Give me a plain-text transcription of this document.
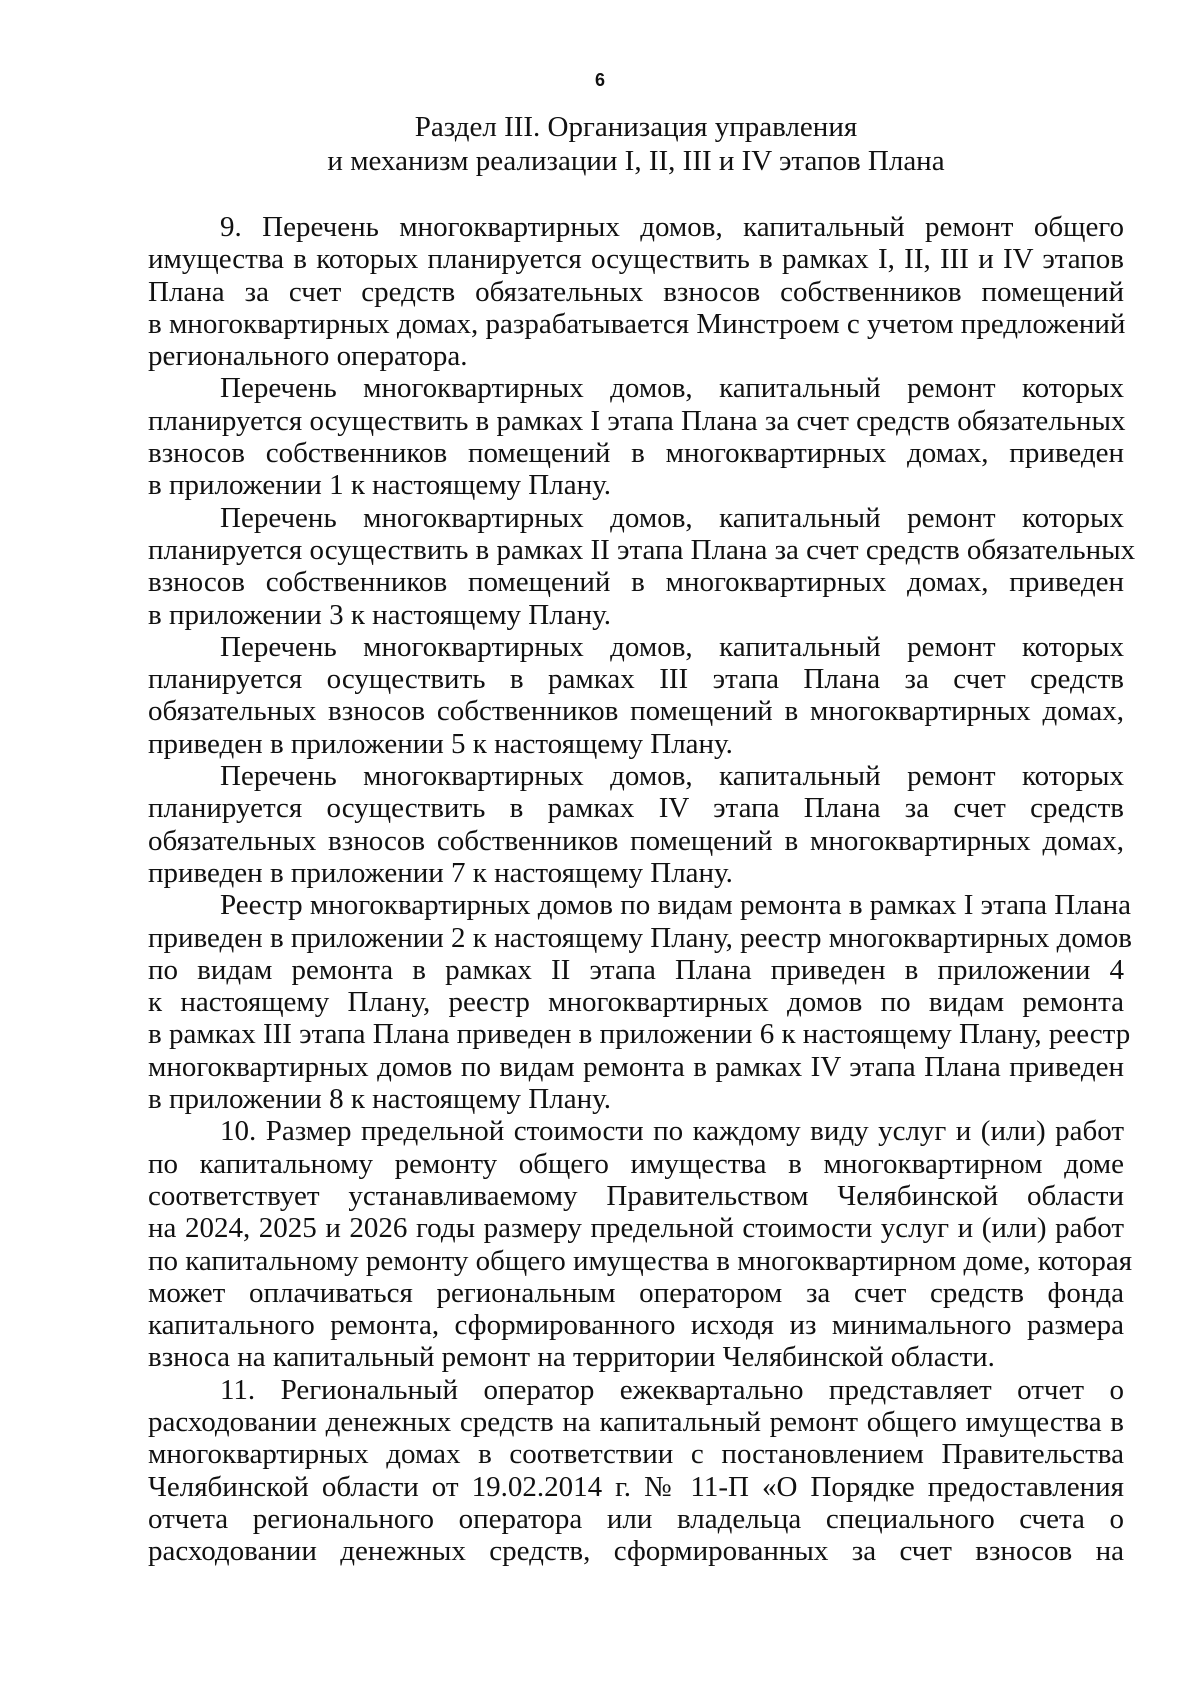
6
Раздел III. Организация управления
и механизм реализации I, II, III и IV этапов Плана
9. Перечень многоквартирных домов, капитальный ремонт общего
имущества в которых планируется осуществить в рамках I, II, III и IV этапов
Плана за счет средств обязательных взносов собственников помещений
в многоквартирных домах, разрабатывается Минстроем с учетом предложений
регионального оператора.
Перечень многоквартирных домов, капитальный ремонт которых
планируется осуществить в рамках I этапа Плана за счет средств обязательных
взносов собственников помещений в многоквартирных домах, приведен
в приложении 1 к настоящему Плану.
Перечень многоквартирных домов, капитальный ремонт которых
планируется осуществить в рамках II этапа Плана за счет средств обязательных
взносов собственников помещений в многоквартирных домах, приведен
в приложении 3 к настоящему Плану.
Перечень многоквартирных домов, капитальный ремонт которых
планируется осуществить в рамках III этапа Плана за счет средств
обязательных взносов собственников помещений в многоквартирных домах,
приведен в приложении 5 к настоящему Плану.
Перечень многоквартирных домов, капитальный ремонт которых
планируется осуществить в рамках IV этапа Плана за счет средств
обязательных взносов собственников помещений в многоквартирных домах,
приведен в приложении 7 к настоящему Плану.
Реестр многоквартирных домов по видам ремонта в рамках I этапа Плана
приведен в приложении 2 к настоящему Плану, реестр многоквартирных домов
по видам ремонта в рамках II этапа Плана приведен в приложении 4
к настоящему Плану, реестр многоквартирных домов по видам ремонта
в рамках III этапа Плана приведен в приложении 6 к настоящему Плану, реестр
многоквартирных домов по видам ремонта в рамках IV этапа Плана приведен
в приложении 8 к настоящему Плану.
10. Размер предельной стоимости по каждому виду услуг и (или) работ
по капитальному ремонту общего имущества в многоквартирном доме
соответствует устанавливаемому Правительством Челябинской области
на 2024, 2025 и 2026 годы размеру предельной стоимости услуг и (или) работ
по капитальному ремонту общего имущества в многоквартирном доме, которая
может оплачиваться региональным оператором за счет средств фонда
капитального ремонта, сформированного исходя из минимального размера
взноса на капитальный ремонт на территории Челябинской области.
11. Региональный оператор ежеквартально представляет отчет о
расходовании денежных средств на капитальный ремонт общего имущества в
многоквартирных домах в соответствии с постановлением Правительства
Челябинской области от 19.02.2014 г. № 11-П «О Порядке предоставления
отчета регионального оператора или владельца специального счета о
расходовании денежных средств, сформированных за счет взносов на
